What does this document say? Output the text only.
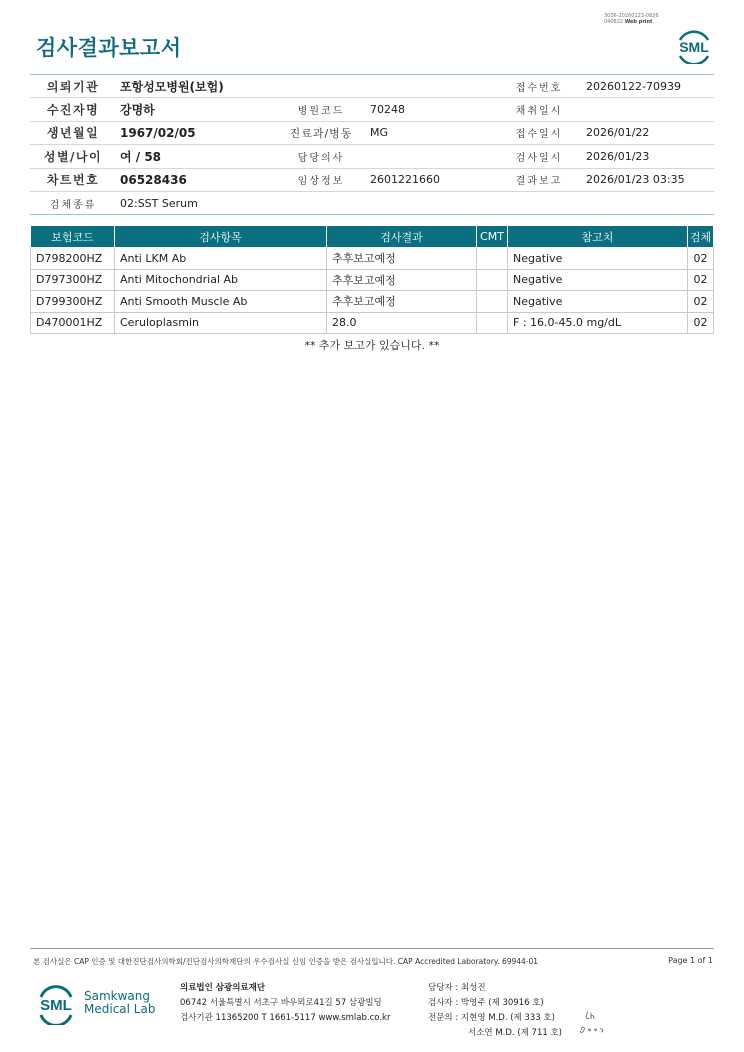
검사결과보고서
3036-20260123-0826
040822 Web print
SML
의뢰기관	포항성모병원(보험)			접수번호	20260122-70939
수진자명	강명하	병원코드	70248	채취일시	
생년월일	1967/02/05	진료과/병동	MG	접수일시	2026/01/22
성별/나이	여 / 58	담당의사		검사일시	2026/01/23
차트번호	06528436	임상정보	2601221660	결과보고	2026/01/23 03:35
검체종류	02:SST Serum				
보험코드	검사항목	검사결과	CMT	참고치	검체
D798200HZ	Anti LKM Ab	추후보고예정		Negative	02
D797300HZ	Anti Mitochondrial Ab	추후보고예정		Negative	02
D799300HZ	Anti Smooth Muscle Ab	추후보고예정		Negative	02
D470001HZ	Ceruloplasmin	28.0		F : 16.0-45.0 mg/dL	02
** 추가 보고가 있습니다. **
본 검사실은 CAP 인증 및 대한진단검사의학회/진단검사의학재단의 우수검사실 신임 인증을 받은 검사실입니다. CAP Accredited Laboratory. 69944-01	Page 1 of 1
SML
Samkwang
Medical Lab
의료법인 삼광의료재단
06742 서울특별시 서초구 바우뫼로41길 57 삼광빌딩
검사기관 11365200 T 1661-5117 www.smlab.co.kr
담당자 : 최성진
검사자 : 박영주 (제 30916 호)
전문의 : 지현영 M.D. (제 333 호)
서소연 M.D. (제 711 호)
